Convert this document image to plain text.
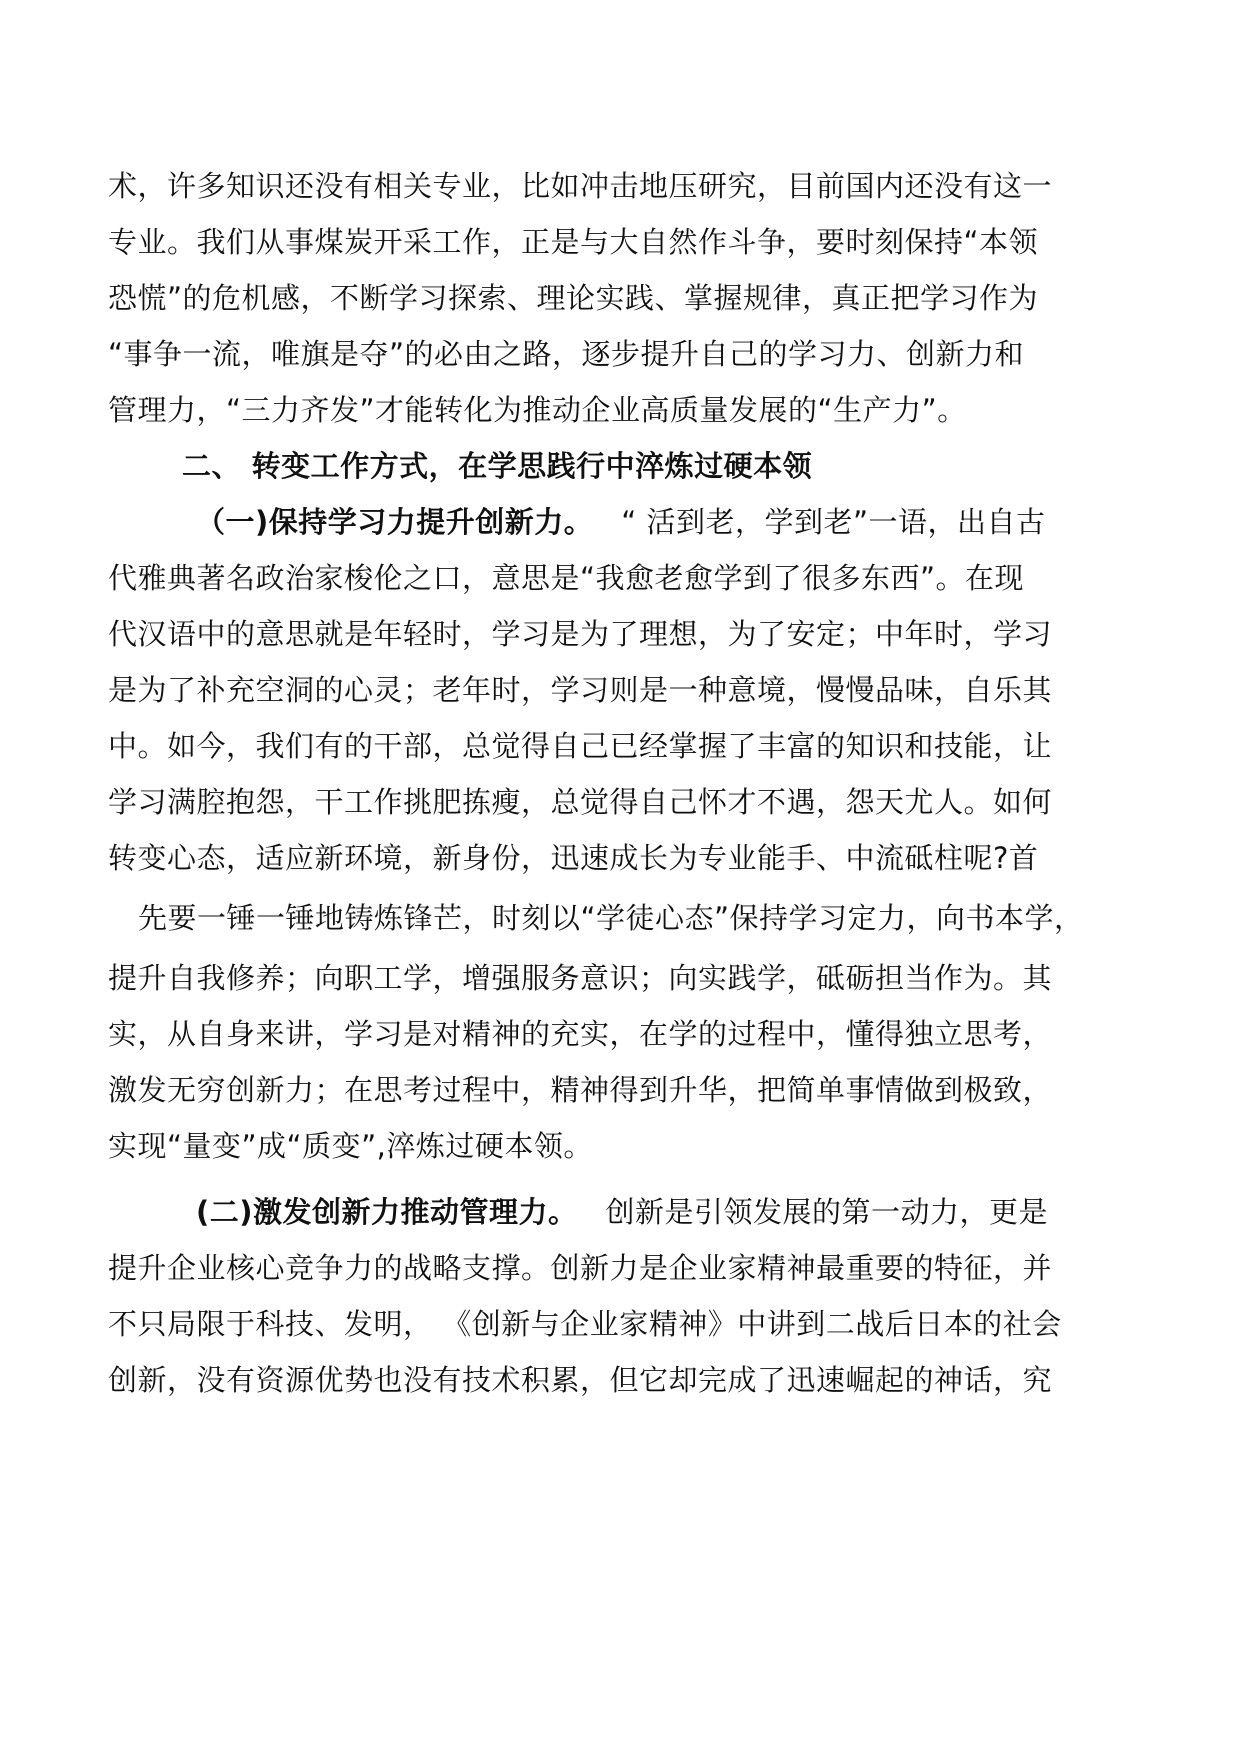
术，许多知识还没有相关专业，比如冲击地压研究，目前国内还没有这一
专业。我们从事煤炭开采工作，正是与大自然作斗争，要时刻保持“本领
恐慌”的危机感，不断学习探索、理论实践、掌握规律，真正把学习作为
“事争一流，唯旗是夺”的必由之路，逐步提升自己的学习力、创新力和
管理力，“三力齐发”才能转化为推动企业高质量发展的“生产力”。
二、 转变工作方式，在学思践行中淬炼过硬本领
（一)保持学习力提升创新力。 “ 活到老，学到老”一语，出自古
代雅典著名政治家梭伦之口，意思是“我愈老愈学到了很多东西”。在现
代汉语中的意思就是年轻时，学习是为了理想，为了安定；中年时，学习
是为了补充空洞的心灵；老年时，学习则是一种意境，慢慢品味，自乐其
中。如今，我们有的干部，总觉得自己已经掌握了丰富的知识和技能，让
学习满腔抱怨，干工作挑肥拣瘦，总觉得自己怀才不遇，怨天尤人。如何
转变心态，适应新环境，新身份，迅速成长为专业能手、中流砥柱呢?首
先要一锤一锤地铸炼锋芒，时刻以“学徒心态”保持学习定力，向书本学，
提升自我修养；向职工学，增强服务意识；向实践学，砥砺担当作为。其
实，从自身来讲，学习是对精神的充实，在学的过程中，懂得独立思考，
激发无穷创新力；在思考过程中，精神得到升华，把简单事情做到极致，
实现“量变”成“质变”,淬炼过硬本领。
(二)激发创新力推动管理力。 创新是引领发展的第一动力，更是
提升企业核心竞争力的战略支撑。创新力是企业家精神最重要的特征，并
不只局限于科技、发明， 《创新与企业家精神》中讲到二战后日本的社会
创新，没有资源优势也没有技术积累，但它却完成了迅速崛起的神话，究
